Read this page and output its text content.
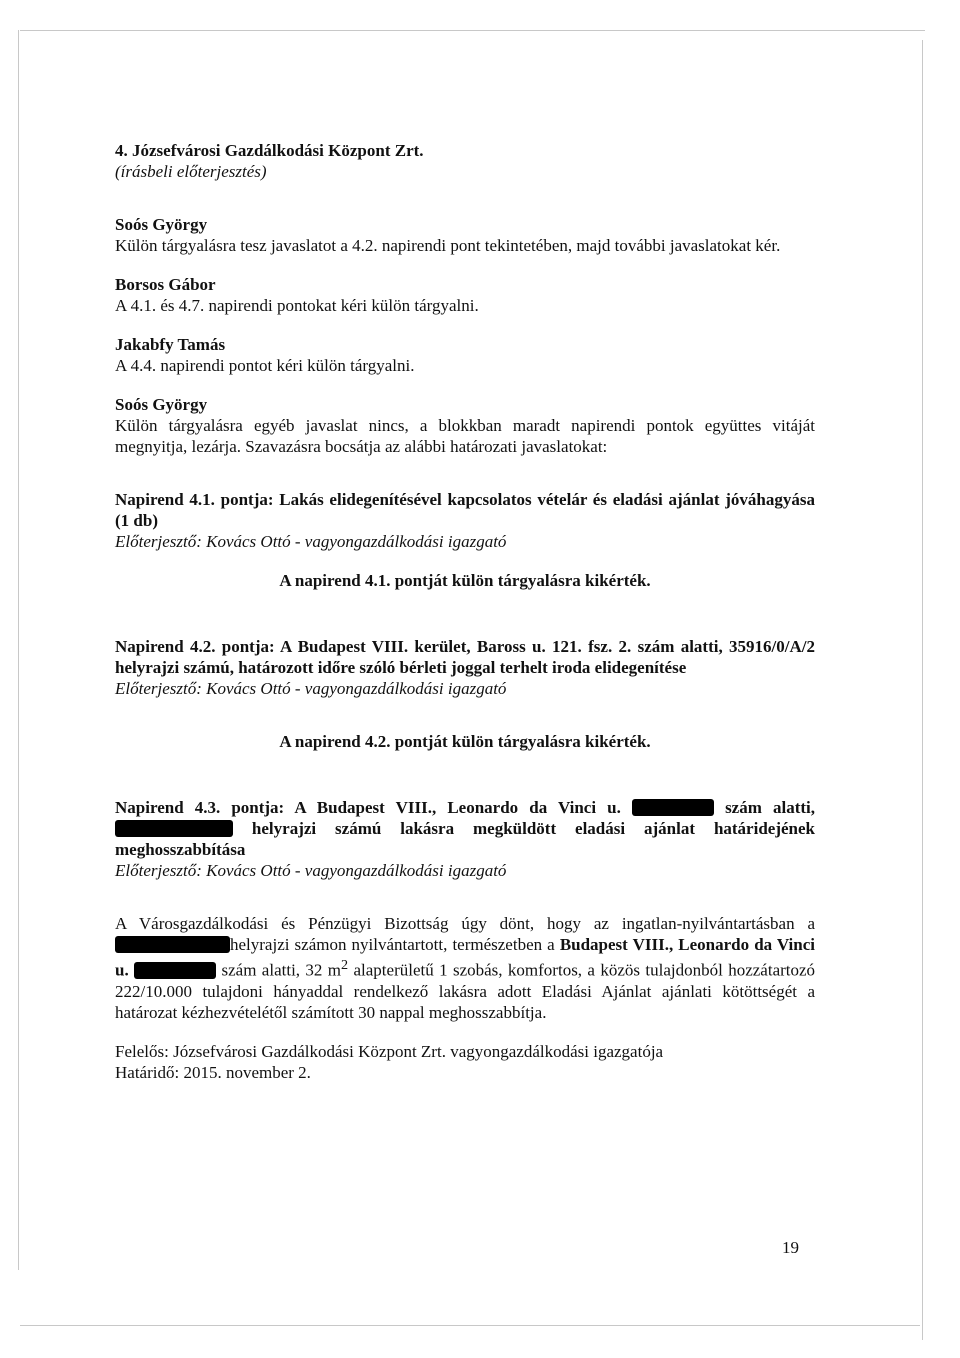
4. Józsefvárosi Gazdálkodási Központ Zrt.

(írásbeli előterjesztés)

Soós György

Külön tárgyalásra tesz javaslatot a 4.2. napirendi pont tekintetében, majd további javaslatokat kér.

Borsos Gábor

A 4.1. és 4.7. napirendi pontokat kéri külön tárgyalni.

Jakabfy Tamás

A 4.4. napirendi pontot kéri külön tárgyalni.

Soós György

Külön tárgyalásra egyéb javaslat nincs, a blokkban maradt napirendi pontok együttes vitáját megnyitja, lezárja. Szavazásra bocsátja az alábbi határozati javaslatokat:

Napirend 4.1. pontja: Lakás elidegenítésével kapcsolatos vételár és eladási ajánlat jóváhagyása (1 db)

Előterjesztő: Kovács Ottó - vagyongazdálkodási igazgató

A napirend 4.1. pontját külön tárgyalásra kikérték.

Napirend 4.2. pontja: A Budapest VIII. kerület, Baross u. 121. fsz. 2. szám alatti, 35916/0/A/2 helyrajzi számú, határozott időre szóló bérleti joggal terhelt iroda elidegenítése

Előterjesztő: Kovács Ottó - vagyongazdálkodási igazgató

A napirend 4.2. pontját külön tárgyalásra kikérték.

Napirend 4.3. pontja: A Budapest VIII., Leonardo da Vinci u.	szám alatti,  helyrajzi számú lakásra megküldött eladási ajánlat határidejének meghosszabbítása

Előterjesztő: Kovács Ottó - vagyongazdálkodási igazgató

A Városgazdálkodási és Pénzügyi Bizottság úgy dönt, hogy az ingatlan-nyilvántartásban a helyrajzi számon nyilvántartott, természetben a Budapest VIII., Leonardo da Vinci u.	szám alatti, 32 $m^2$ alapterületű 1 szobás, komfortos, a közös tulajdonból hozzátartozó 222/10.000 tulajdoni hányaddal rendelkező lakásra adott Eladási Ajánlat ajánlati kötöttségét a határozat kézhezvételétől számított 30 nappal meghosszabbítja.

Felelős: Józsefvárosi Gazdálkodási Központ Zrt. vagyongazdálkodási igazgatója

Határidő: 2015. november 2.

19
